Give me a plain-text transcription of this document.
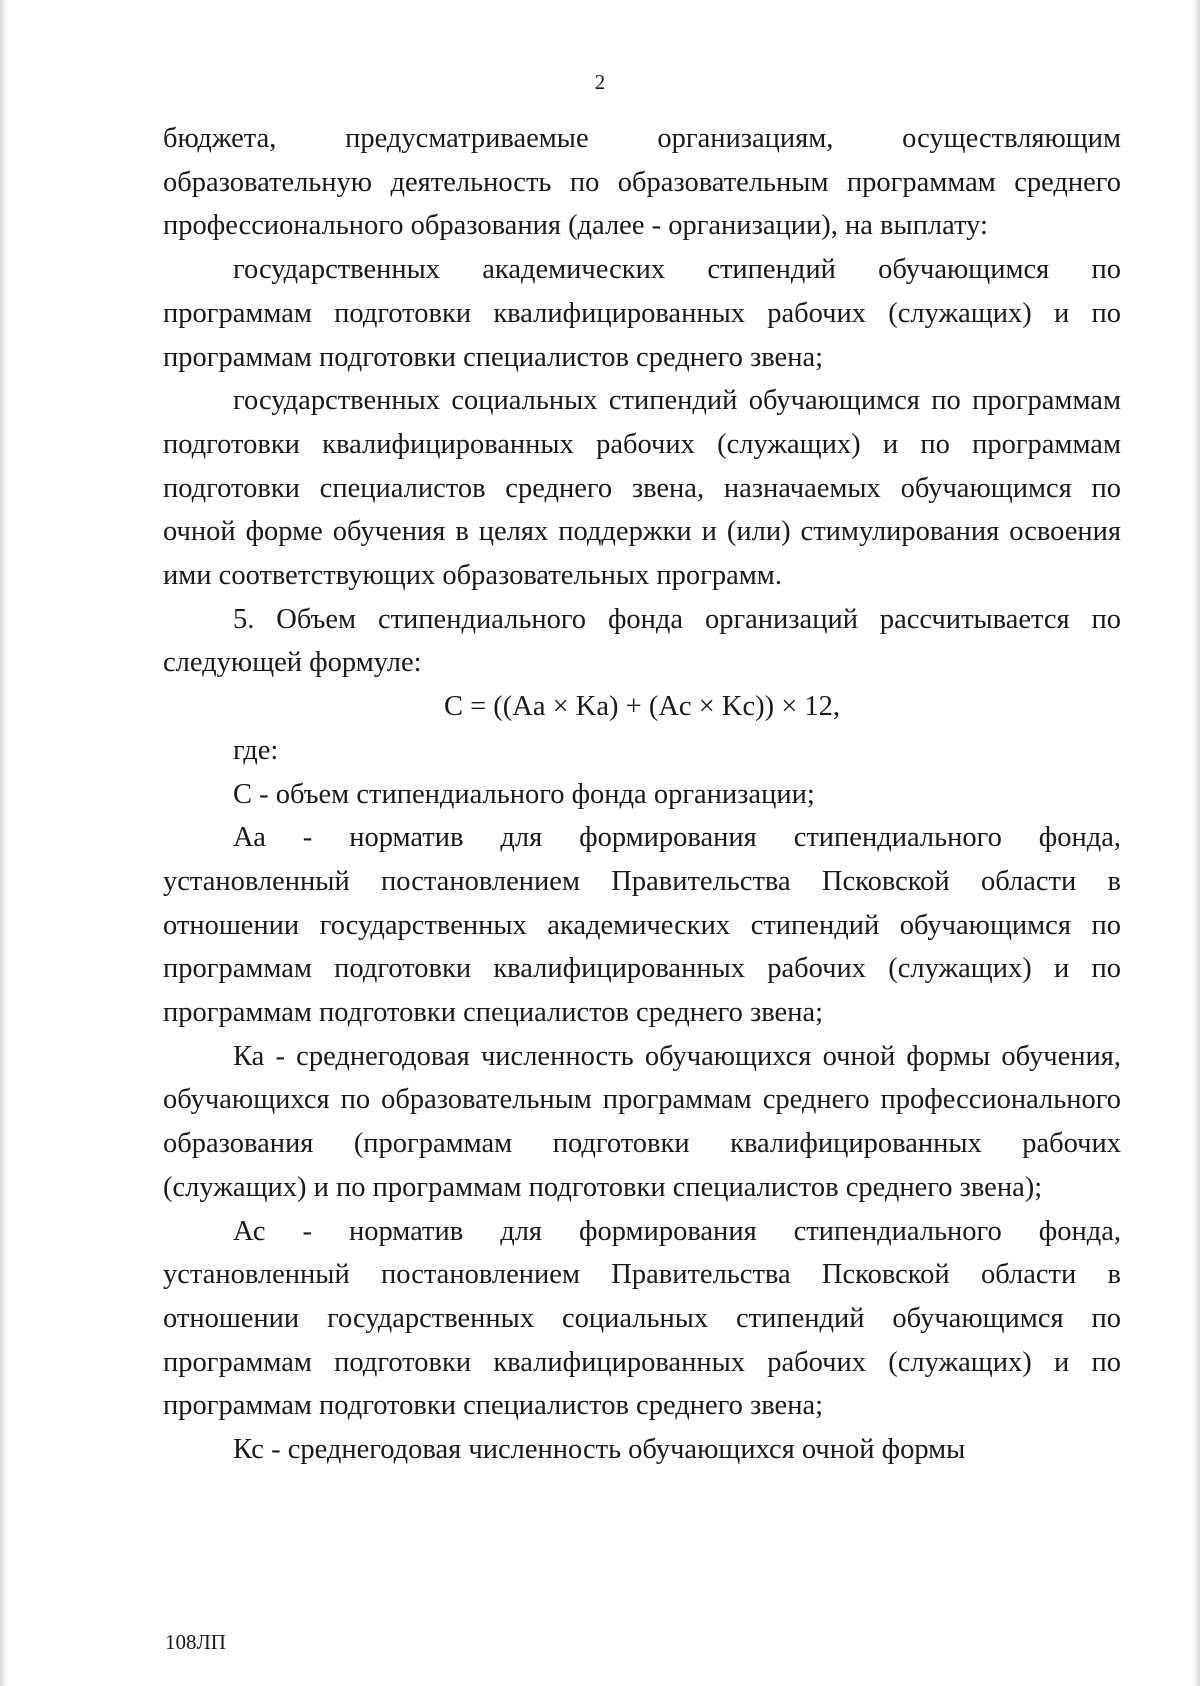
2

бюджета, предусматриваемые организациям, осуществляющим образовательную деятельность по образовательным программам среднего профессионального образования (далее - организации), на выплату:

государственных академических стипендий обучающимся по программам подготовки квалифицированных рабочих (служащих) и по программам подготовки специалистов среднего звена;

государственных социальных стипендий обучающимся по программам подготовки квалифицированных рабочих (служащих) и по программам подготовки специалистов среднего звена, назначаемых обучающимся по очной форме обучения в целях поддержки и (или) стимулирования освоения ими соответствующих образовательных программ.

5. Объем стипендиального фонда организаций рассчитывается по следующей формуле:

C = ((Aa × Ka) + (Ac × Kc)) × 12,

где:

С - объем стипендиального фонда организации;

Аа - норматив для формирования стипендиального фонда, установленный постановлением Правительства Псковской области в отношении государственных академических стипендий обучающимся по программам подготовки квалифицированных рабочих (служащих) и по программам подготовки специалистов среднего звена;

Ка - среднегодовая численность обучающихся очной формы обучения, обучающихся по образовательным программам среднего профессионального образования (программам подготовки квалифицированных рабочих (служащих) и по программам подготовки специалистов среднего звена);

Ас - норматив для формирования стипендиального фонда, установленный постановлением Правительства Псковской области в отношении государственных социальных стипендий обучающимся по программам подготовки квалифицированных рабочих (служащих) и по программам подготовки специалистов среднего звена;

Кс - среднегодовая численность обучающихся очной формы

108ЛП
